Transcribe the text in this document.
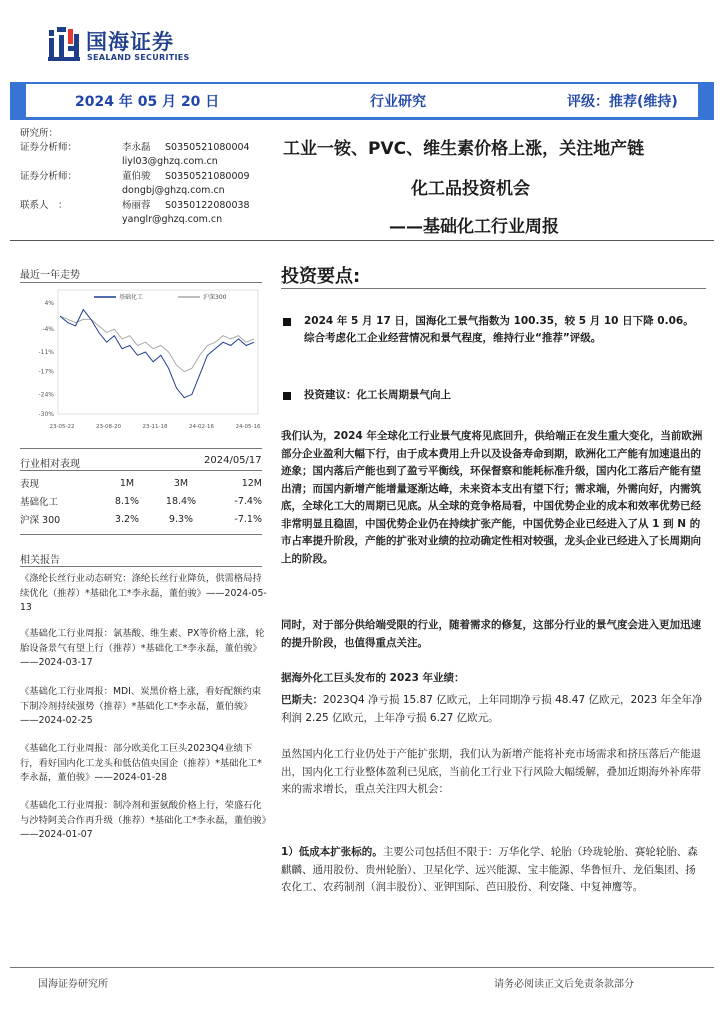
国海证券
SEALAND SECURITIES
2024 年 05 月 20 日	行业研究	评级：推荐(维持)
研究所：
证券分析师：	李永磊 S0350521080004
liyl03@ghzq.com.cn
证券分析师：	董伯骏 S0350521080009
dongbj@ghzq.com.cn
联系人　：	杨丽蓉 S0350122080038
yanglr@ghzq.com.cn
工业一铵、PVC、维生素价格上涨，关注地产链
化工品投资机会
——基础化工行业周报
最近一年走势
基础化工	沪深300
4%
-4%
-11%
-17%
-24%
-30%
23-05-22	23-08-20	23-11-18	24-02-16	24-05-16
行业相对表现	2024/05/17
表现	1M	3M	12M
基础化工	8.1%	18.4%	-7.4%
沪深 300	3.2%	9.3%	-7.1%
相关报告
《涤纶长丝行业动态研究：涤纶长丝行业降负，供需格局持续优化（推荐）*基础化工*李永磊，董伯骏》——2024-05-13
《基础化工行业周报：氯基酸、维生素、PX等价格上涨，轮胎设备景气有望上行（推荐）*基础化工*李永磊，董伯骏》——2024-03-17
《基础化工行业周报：MDI、炭黑价格上涨，看好配额约束下制冷剂持续强势（推荐）*基础化工*李永磊，董伯骏》——2024-02-25
《基础化工行业周报：部分欧美化工巨头2023Q4业绩下行，看好国内化工龙头和低估值央国企（推荐）*基础化工*李永磊，董伯骏》——2024-01-28
《基础化工行业周报：制冷剂和蛋氨酸价格上行，荣盛石化与沙特阿美合作再升级（推荐）*基础化工*李永磊，董伯骏》——2024-01-07
投资要点:
2024 年 5 月 17 日，国海化工景气指数为 100.35，较 5 月 10 日下降 0.06。综合考虑化工企业经营情况和景气程度，维持行业“推荐”评级。
投资建议：化工长周期景气向上
我们认为，2024 年全球化工行业景气度将见底回升，供给端正在发生重大变化，当前欧洲部分企业盈利大幅下行，由于成本费用上升以及设备寿命到期，欧洲化工产能有加速退出的迹象；国内落后产能也到了盈亏平衡线，环保督察和能耗标准升级，国内化工落后产能有望出清；而国内新增产能增量逐渐达峰，未来资本支出有望下行；需求端，外需向好，内需筑底，全球化工大的周期已见底。从全球的竞争格局看，中国优势企业的成本和效率优势已经非常明显且稳固，中国优势企业仍在持续扩张产能，中国优势企业已经进入了从 1 到 N 的市占率提升阶段，产能的扩张对业绩的拉动确定性相对较强，龙头企业已经进入了长周期向上的阶段。
同时，对于部分供给端受限的行业，随着需求的修复，这部分行业的景气度会进入更加迅速的提升阶段，也值得重点关注。
据海外化工巨头发布的 2023 年业绩：
巴斯夫：2023Q4 净亏损 15.87 亿欧元，上年同期净亏损 48.47 亿欧元，2023 年全年净利润 2.25 亿欧元，上年净亏损 6.27 亿欧元。
虽然国内化工行业仍处于产能扩张期，我们认为新增产能将补充市场需求和挤压落后产能退出，国内化工行业整体盈利已见底，当前化工行业下行风险大幅缓解，叠加近期海外补库带来的需求增长，重点关注四大机会：
1）低成本扩张标的。主要公司包括但不限于：万华化学、轮胎（玲珑轮胎、赛轮轮胎、森麒麟、通用股份、贵州轮胎）、卫星化学、远兴能源、宝丰能源、华鲁恒升、龙佰集团、扬农化工、农药制剂（润丰股份）、亚钾国际、芭田股份、利安隆、中复神鹰等。
国海证券研究所	请务必阅读正文后免责条款部分
